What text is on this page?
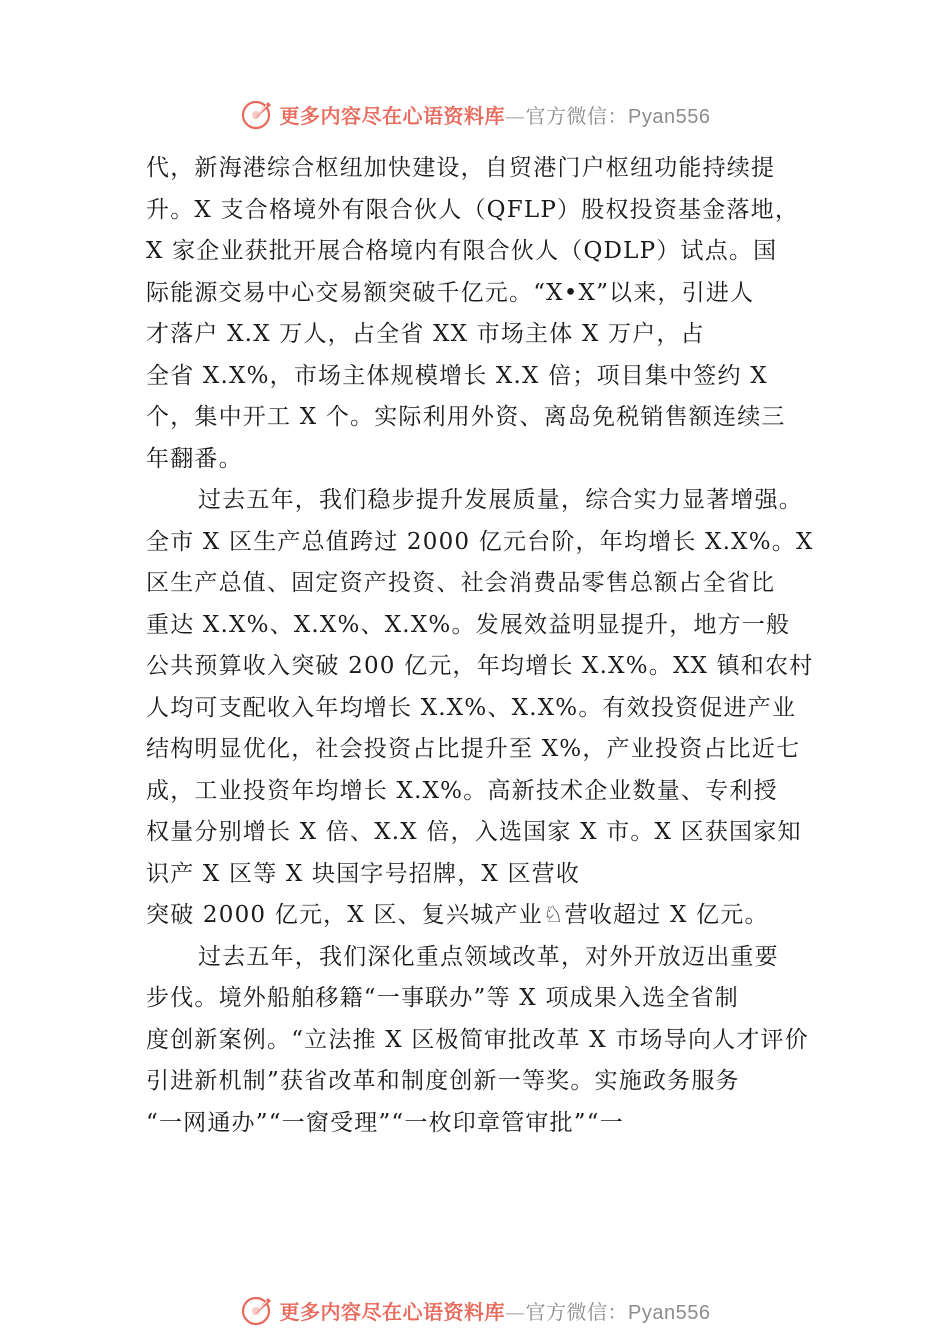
更多内容尽在心语资料库—官方微信：Pyan556

代，新海港综合枢纽加快建设，自贸港门户枢纽功能持续提
升。X 支合格境外有限合伙人（QFLP）股权投资基金落地，
X 家企业获批开展合格境内有限合伙人（QDLP）试点。国
际能源交易中心交易额突破千亿元。“X•X”以来，引进人
才落户 X.X 万人，占全省 XX 市场主体 X 万户，占
全省 X.X%，市场主体规模增长 X.X 倍；项目集中签约 X
个，集中开工 X 个。实际利用外资、离岛免税销售额连续三
年翻番。

过去五年，我们稳步提升发展质量，综合实力显著增强。
全市 X 区生产总值跨过 2000 亿元台阶，年均增长 X.X%。X
区生产总值、固定资产投资、社会消费品零售总额占全省比
重达 X.X%、X.X%、X.X%。发展效益明显提升，地方一般
公共预算收入突破 200 亿元，年均增长 X.X%。XX 镇和农村
人均可支配收入年均增长 X.X%、X.X%。有效投资促进产业
结构明显优化，社会投资占比提升至 X%，产业投资占比近七
成，工业投资年均增长 X.X%。高新技术企业数量、专利授
权量分别增长 X 倍、X.X 倍，入选国家 X 市。X 区获国家知
识产 X 区等 X 块国字号招牌，X 区营收
突破 2000 亿元，X 区、复兴城产业♘营收超过 X 亿元。

过去五年，我们深化重点领域改革，对外开放迈出重要
步伐。境外船舶移籍“一事联办”等 X 项成果入选全省制
度创新案例。“立法推 X 区极简审批改革 X 市场导向人才评价
引进新机制”获省改革和制度创新一等奖。实施政务服务
“一网通办”“一窗受理”“一枚印章管审批”“一

更多内容尽在心语资料库—官方微信：Pyan556
